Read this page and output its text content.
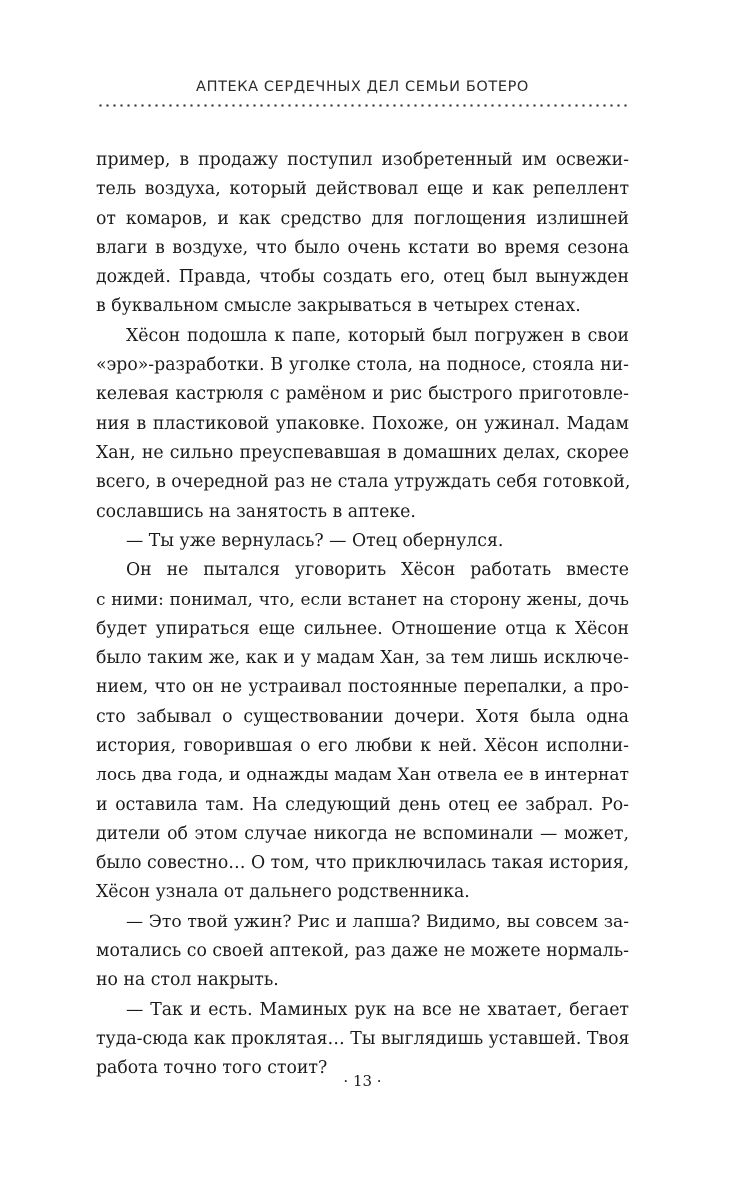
АПТЕКА СЕРДЕЧНЫХ ДЕЛ СЕМЬИ БОТЕРО

пример, в продажу поступил изобретенный им освежи-
тель воздуха, который действовал еще и как репеллент
от комаров, и как средство для поглощения излишней
влаги в воздухе, что было очень кстати во время сезона
дождей. Правда, чтобы создать его, отец был вынужден
в буквальном смысле закрываться в четырех стенах.

Хёсон подошла к папе, который был погружен в свои
«эро»-разработки. В уголке стола, на подносе, стояла ни-
келевая кастрюля с рамёном и рис быстрого приготовле-
ния в пластиковой упаковке. Похоже, он ужинал. Мадам
Хан, не сильно преуспевавшая в домашних делах, скорее
всего, в очередной раз не стала утруждать себя готовкой,
сославшись на занятость в аптеке.

— Ты уже вернулась? — Отец обернулся.

Он не пытался уговорить Хёсон работать вместе
с ними: понимал, что, если встанет на сторону жены, дочь
будет упираться еще сильнее. Отношение отца к Хёсон
было таким же, как и у мадам Хан, за тем лишь исключе-
нием, что он не устраивал постоянные перепалки, а про-
сто забывал о существовании дочери. Хотя была одна
история, говорившая о его любви к ней. Хёсон исполни-
лось два года, и однажды мадам Хан отвела ее в интернат
и оставила там. На следующий день отец ее забрал. Ро-
дители об этом случае никогда не вспоминали — может,
было совестно… О том, что приключилась такая история,
Хёсон узнала от дальнего родственника.

— Это твой ужин? Рис и лапша? Видимо, вы совсем за-
мотались со своей аптекой, раз даже не можете нормаль-
но на стол накрыть.

— Так и есть. Маминых рук на все не хватает, бегает
туда-сюда как проклятая… Ты выглядишь уставшей. Твоя
работа точно того стоит?

· 13 ·
